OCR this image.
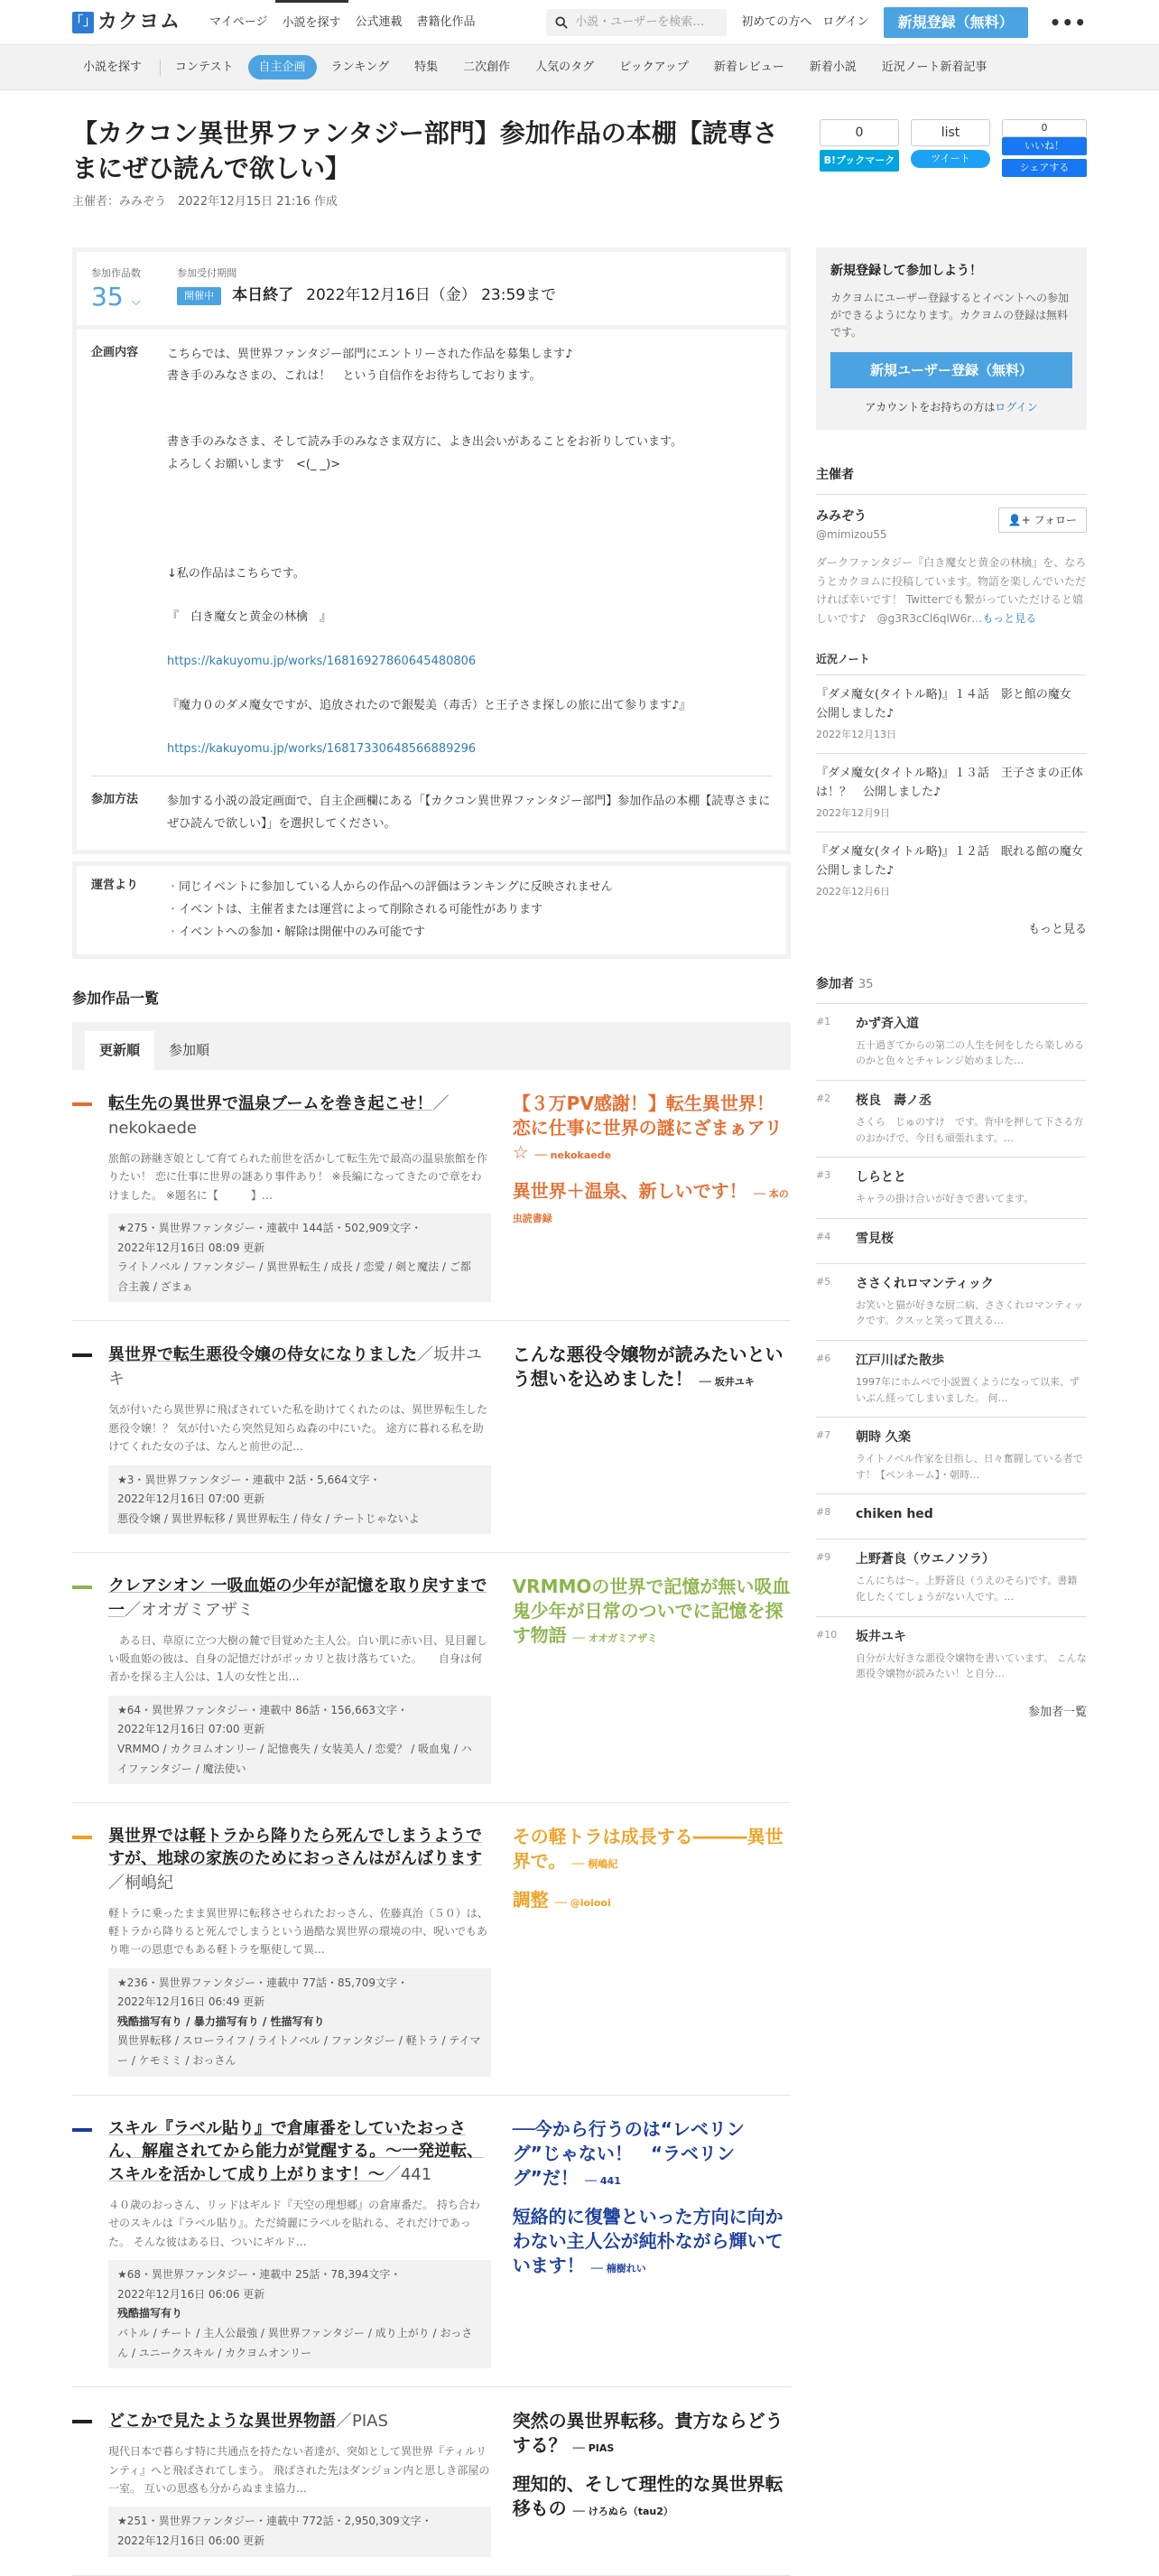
「」 カクヨム	マイページ	小説を探す	公式連載	書籍化作品	小説・ユーザーを検索…	初めての方へ ログイン	新規登録（無料）	•••
小説を探す	コンテスト	自主企画	ランキング	特集	二次創作	人気のタグ	ピックアップ	新着レビュー	新着小説	近況ノート新着記事
【カクコン異世界ファンタジー部門】参加作品の本棚【読専さまにぜひ読んで欲しい】
主催者：みみぞう　2022年12月15日 21:16 作成
0
B!ブックマーク
list
ツイート
0
いいね！
シェアする
参加作品数
35 ⌵
参加受付期間
開催中	本日終了 2022年12月16日（金） 23:59まで
企画内容	こちらでは、異世界ファンタジー部門にエントリーされた作品を募集します♪

書き手のみなさまの、これは！　という自信作をお待ちしております。

書き手のみなさま、そして読み手のみなさま双方に、よき出会いがあることをお祈りしています。

よろしくお願いします　<(_ _)>

↓私の作品はこちらです。

『　白き魔女と黄金の林檎　』

https://kakuyomu.jp/works/16816927860645480806

『魔力０のダメ魔女ですが、追放されたので銀髪美（毒舌）と王子さま探しの旅に出て参ります♪』

https://kakuyomu.jp/works/16817330648566889296

参加方法	参加する小説の設定画面で、自主企画欄にある「【カクコン異世界ファンタジー部門】参加作品の本棚【読専さまにぜひ読んで欲しい】」を選択してください。
運営より
・	同じイベントに参加している人からの作品への評価はランキングに反映されません
・ イベントは、主催者または運営によって削除される可能性があります
・ イベントへの参加・解除は開催中のみ可能です
参加作品一覧
更新順	参加順
転生先の異世界で温泉ブームを巻き起こせ！／nekokaede
旅館の跡継ぎ娘として育てられた前世を活かして転生先で最高の温泉旅館を作りたい！ 恋に仕事に世界の謎あり事件あり！ ※長編になってきたので章をわけました。 ※題名に【　　　】…
★275・異世界ファンタジー・連載中 144話・502,909文字・
2022年12月16日 08:09 更新
ライトノベル / ファンタジー / 異世界転生 / 成長 / 恋愛 / 剣と魔法 / ご都合主義 / ざまぁ
【３万PV感謝！】転生異世界！恋に仕事に世界の謎にざまぁアリ☆ ── nekokaede
異世界＋温泉、新しいです！ ── 本の虫読書録
異世界で転生悪役令嬢の侍女になりました／坂井ユキ
気が付いたら異世界に飛ばされていた私を助けてくれたのは、異世界転生した悪役令嬢！？ 気が付いたら突然見知らぬ森の中にいた。 途方に暮れる私を助けてくれた女の子は、なんと前世の記…
★3・異世界ファンタジー・連載中 2話・5,664文字・
2022年12月16日 07:00 更新
悪役令嬢 / 異世界転移 / 異世界転生 / 侍女 / テートじゃないよ
こんな悪役令嬢物が読みたいという想いを込めました！ ── 坂井ユキ
クレアシオン 一吸血姫の少年が記憶を取り戻すまで一／オオガミアザミ
　ある日、草原に立つ大樹の麓で目覚めた主人公。白い肌に赤い目、見目麗しい吸血姫の彼は、自身の記憶だけがポッカリと抜け落ちていた。　　自身は何者かを探る主人公は、1人の女性と出…
★64・異世界ファンタジー・連載中 86話・156,663文字・
2022年12月16日 07:00 更新
VRMMO / カクヨムオンリー / 記憶喪失 / 女装美人 / 恋愛？ / 吸血鬼 / ハイファンタジー / 魔法使い
VRMMOの世界で記憶が無い吸血鬼少年が日常のついでに記憶を探す物語 ── オオガミアザミ
異世界では軽トラから降りたら死んでしまうようですが、地球の家族のためにおっさんはがんばります／桐嶋紀
軽トラに乗ったまま異世界に転移させられたおっさん、佐藤真治（５０）は、軽トラから降りると死んでしまうという過酷な異世界の環境の中、呪いでもあり唯一の恩恵でもある軽トラを駆使して異…
★236・異世界ファンタジー・連載中 77話・85,709文字・
2022年12月16日 06:49 更新
残酷描写有り / 暴力描写有り / 性描写有り
異世界転移 / スローライフ / ライトノベル / ファンタジー / 軽トラ / テイマー / ケモミミ / おっさん
その軽トラは成長する―――異世界で。 ── 桐嶋紀
調整 ── @ioiooi
スキル『ラベル貼り』で倉庫番をしていたおっさん、解雇されてから能力が覚醒する。～一発逆転、スキルを活かして成り上がります！～／441
４０歳のおっさん、リッドはギルド『天空の理想郷』の倉庫番だ。 持ち合わせのスキルは『ラベル貼り』。ただ綺麗にラベルを貼れる、それだけであった。 そんな彼はある日、ついにギルド…
★68・異世界ファンタジー・連載中 25話・78,394文字・
2022年12月16日 06:06 更新
残酷描写有り
バトル / チート / 主人公最強 / 異世界ファンタジー / 成り上がり / おっさん / ユニークスキル / カクヨムオンリー
──今から行うのは“レベリング”じゃない！　“ラベリング”だ！ ── 441
短絡的に復讐といった方向に向かわない主人公が純朴ながら輝いています！ ── 楠樹れい
どこかで見たような異世界物語／PIAS
現代日本で暮らす特に共通点を持たない者達が、突如として異世界『ティルリンティ』へと飛ばされてしまう。 飛ばされた先はダンジョン内と思しき部屋の一室。 互いの思惑も分からぬまま協力…
★251・異世界ファンタジー・連載中 772話・2,950,309文字・
2022年12月16日 06:00 更新
突然の異世界転移。貴方ならどうする？ ── PIAS
理知的、そして理性的な異世界転移もの ── けろぬら（tau2）
新規登録して参加しよう！
カクヨムにユーザー登録するとイベントへの参加ができるようになります。カクヨムの登録は無料です。
新規ユーザー登録（無料）
アカウントをお持ちの方はログイン
主催者
みみぞう
@mimizou55
👤+
フォロー
ダークファンタジー『白き魔女と黄金の林檎』を、なろうとカクヨムに投稿しています。物語を楽しんでいただければ幸いです！ Twitterでも繋がっていただけると嬉しいです♪　@g3R3cCl6qlW6r…もっと見る
近況ノート
『ダメ魔女(タイトル略)』１４話　影と館の魔女　公開しました♪
2022年12月13日
『ダメ魔女(タイトル略)』１３話　王子さまの正体は！？　公開しました♪
2022年12月9日
『ダメ魔女(タイトル略)』１２話　眠れる館の魔女　公開しました♪
2022年12月6日
もっと見る
参加者 35
#1	かず斉入道
五十過ぎてからの第二の人生を何をしたら楽しめるのかと色々とチャレンジ始めました…
#2	桜良　壽ノ丞
さくら　じゅのすけ　です。背中を押して下さる方のおかげで、今日も頑張れます。…
#3	しらとと
キャラの掛け合いが好きで書いてます。
#4	雪見桜
#5	ささくれロマンティック
お笑いと猫が好きな厨二病、ささくれロマンティックです。クスッと笑って貰える…
#6	江戸川ばた散歩
1997年にホムペで小説置くようになって以来、ずいぶん経ってしまいました。 何…
#7	朝時 久楽
ライトノベル作家を目指し、日々奮闘している者です！【ペンネーム】・朝時…
#8	chiken hed
#9	上野蒼良（ウエノソラ）
こんにちは～。上野蒼良（うえのそら)です。書籍化したくてしょうがない人です。…
#10	坂井ユキ
自分が大好きな悪役令嬢物を書いています。 こんな悪役令嬢物が読みたい！と自分…
参加者一覧
